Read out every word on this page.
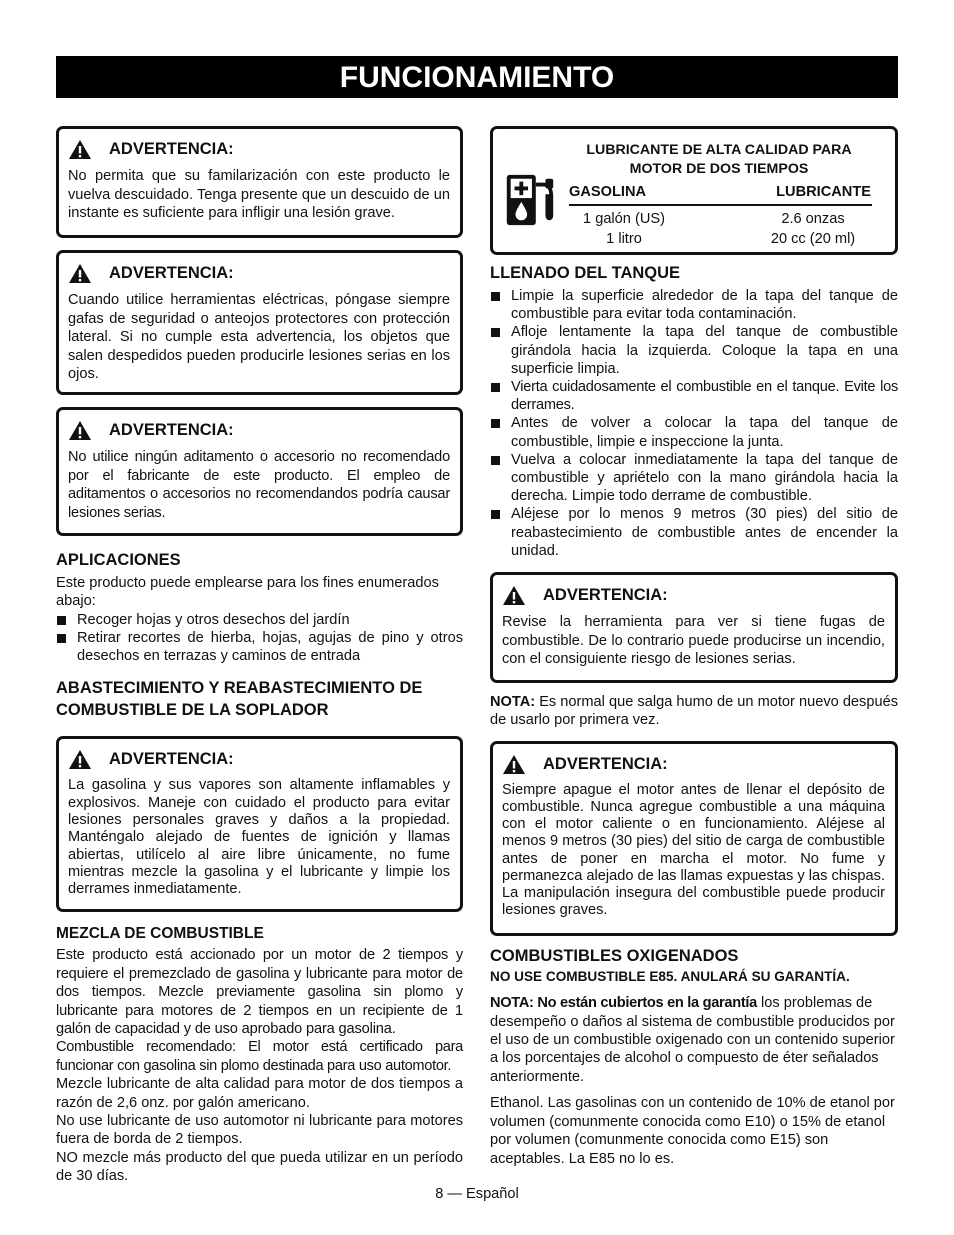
FUNCIONAMIENTO
ADVERTENCIA:
No permita que su familarización con este producto le vuelva descuidado. Tenga presente que un descuido de un instante es suficiente para infligir una lesión grave.
ADVERTENCIA:
Cuando utilice herramientas eléctricas, póngase siempre gafas de seguridad o anteojos protectores con protección lateral. Si no cumple esta advertencia, los objetos que salen despedidos pueden producirle lesiones serias en los ojos.
ADVERTENCIA:
No utilice ningún aditamento o accesorio no recomendado por el fabricante de este producto. El empleo de aditamentos o accesorios no recomendandos podría causar lesiones serias.
APLICACIONES

Este producto puede emplearse para los fines enumerados abajo:

Recoger hojas y otros desechos del jardín
Retirar recortes de hierba, hojas, agujas de pino y otros desechos en terrazas y caminos de entrada
ABASTECIMIENTO Y REABASTECIMIENTO DE COMBUSTIBLE DE LA SOPLADOR
ADVERTENCIA:
La gasolina y sus vapores son altamente inflamables y explosivos. Maneje con cuidado el producto para evitar lesiones personales graves y daños a la propiedad. Manténgalo alejado de fuentes de ignición y llamas abiertas, utilícelo al aire libre únicamente, no fume mientras mezcle la gasolina y el lubricante y limpie los derrames inmediatamente.
MEZCLA DE COMBUSTIBLE

Este producto está accionado por un motor de 2 tiempos y requiere el premezclado de gasolina y lubricante para motor de dos tiempos. Mezcle previamente gasolina sin plomo y lubricante para motores de 2 tiempos en un recipiente de 1 galón de capacidad y de uso aprobado para gasolina.

Combustible recomendado: El motor está certificado para funcionar con gasolina sin plomo destinada para uso automotor.

Mezcle lubricante de alta calidad para motor de dos tiempos a razón de 2,6 onz. por galón americano.

No use lubricante de uso automotor ni lubricante para motores fuera de borda de 2 tiempos.

NO mezcle más producto del que pueda utilizar en un período de 30 días.

LUBRICANTE DE ALTA CALIDAD PARA MOTOR DE DOS TIEMPOS
GASOLINA	LUBRICANTE
1 galón (US)	2.6 onzas
1 litro	20 cc (20 ml)
LLENADO DEL TANQUE
Limpie la superficie alrededor de la tapa del tanque de combustible para evitar toda contaminación.
Afloje lentamente la tapa del tanque de combustible girándola hacia la izquierda. Coloque la tapa en una superficie limpia.
Vierta cuidadosamente el combustible en el tanque. Evite los derrames.
Antes de volver a colocar la tapa del tanque de combustible, limpie e inspeccione la junta.
Vuelva a colocar inmediatamente la tapa del tanque de combustible y apriételo con la mano girándola hacia la derecha. Limpie todo derrame de combustible.
Aléjese por lo menos 9 metros (30 pies) del sitio de reabastecimiento de combustible antes de encender la unidad.
ADVERTENCIA:
Revise la herramienta para ver si tiene fugas de combustible. De lo contrario puede producirse un incendio, con el consiguiente riesgo de lesiones serias.

NOTA: Es normal que salga humo de un motor nuevo después de usarlo por primera vez.

ADVERTENCIA:
Siempre apague el motor antes de llenar el depósito de combustible. Nunca agregue combustible a una máquina con el motor caliente o en funcionamiento. Aléjese al menos 9 metros (30 pies) del sitio de carga de combustible antes de poner en marcha el motor. No fume y permanezca alejado de las llamas expuestas y las chispas. La manipulación insegura del combustible puede producir lesiones graves.
COMBUSTIBLES OXIGENADOS

NO USE COMBUSTIBLE E85. ANULARÁ SU GARANTÍA.

NOTA: No están cubiertos en la garantía los problemas de desempeño o daños al sistema de combustible producidos por el uso de un combustible oxigenado con un contenido superior a los porcentajes de alcohol o compuesto de éter señalados anteriormente.

Ethanol. Las gasolinas con un contenido de 10% de etanol por volumen (comunmente conocida como E10) o 15% de etanol por volumen (comunmente conocida como E15) son aceptables. La E85 no lo es.

8 — Español
